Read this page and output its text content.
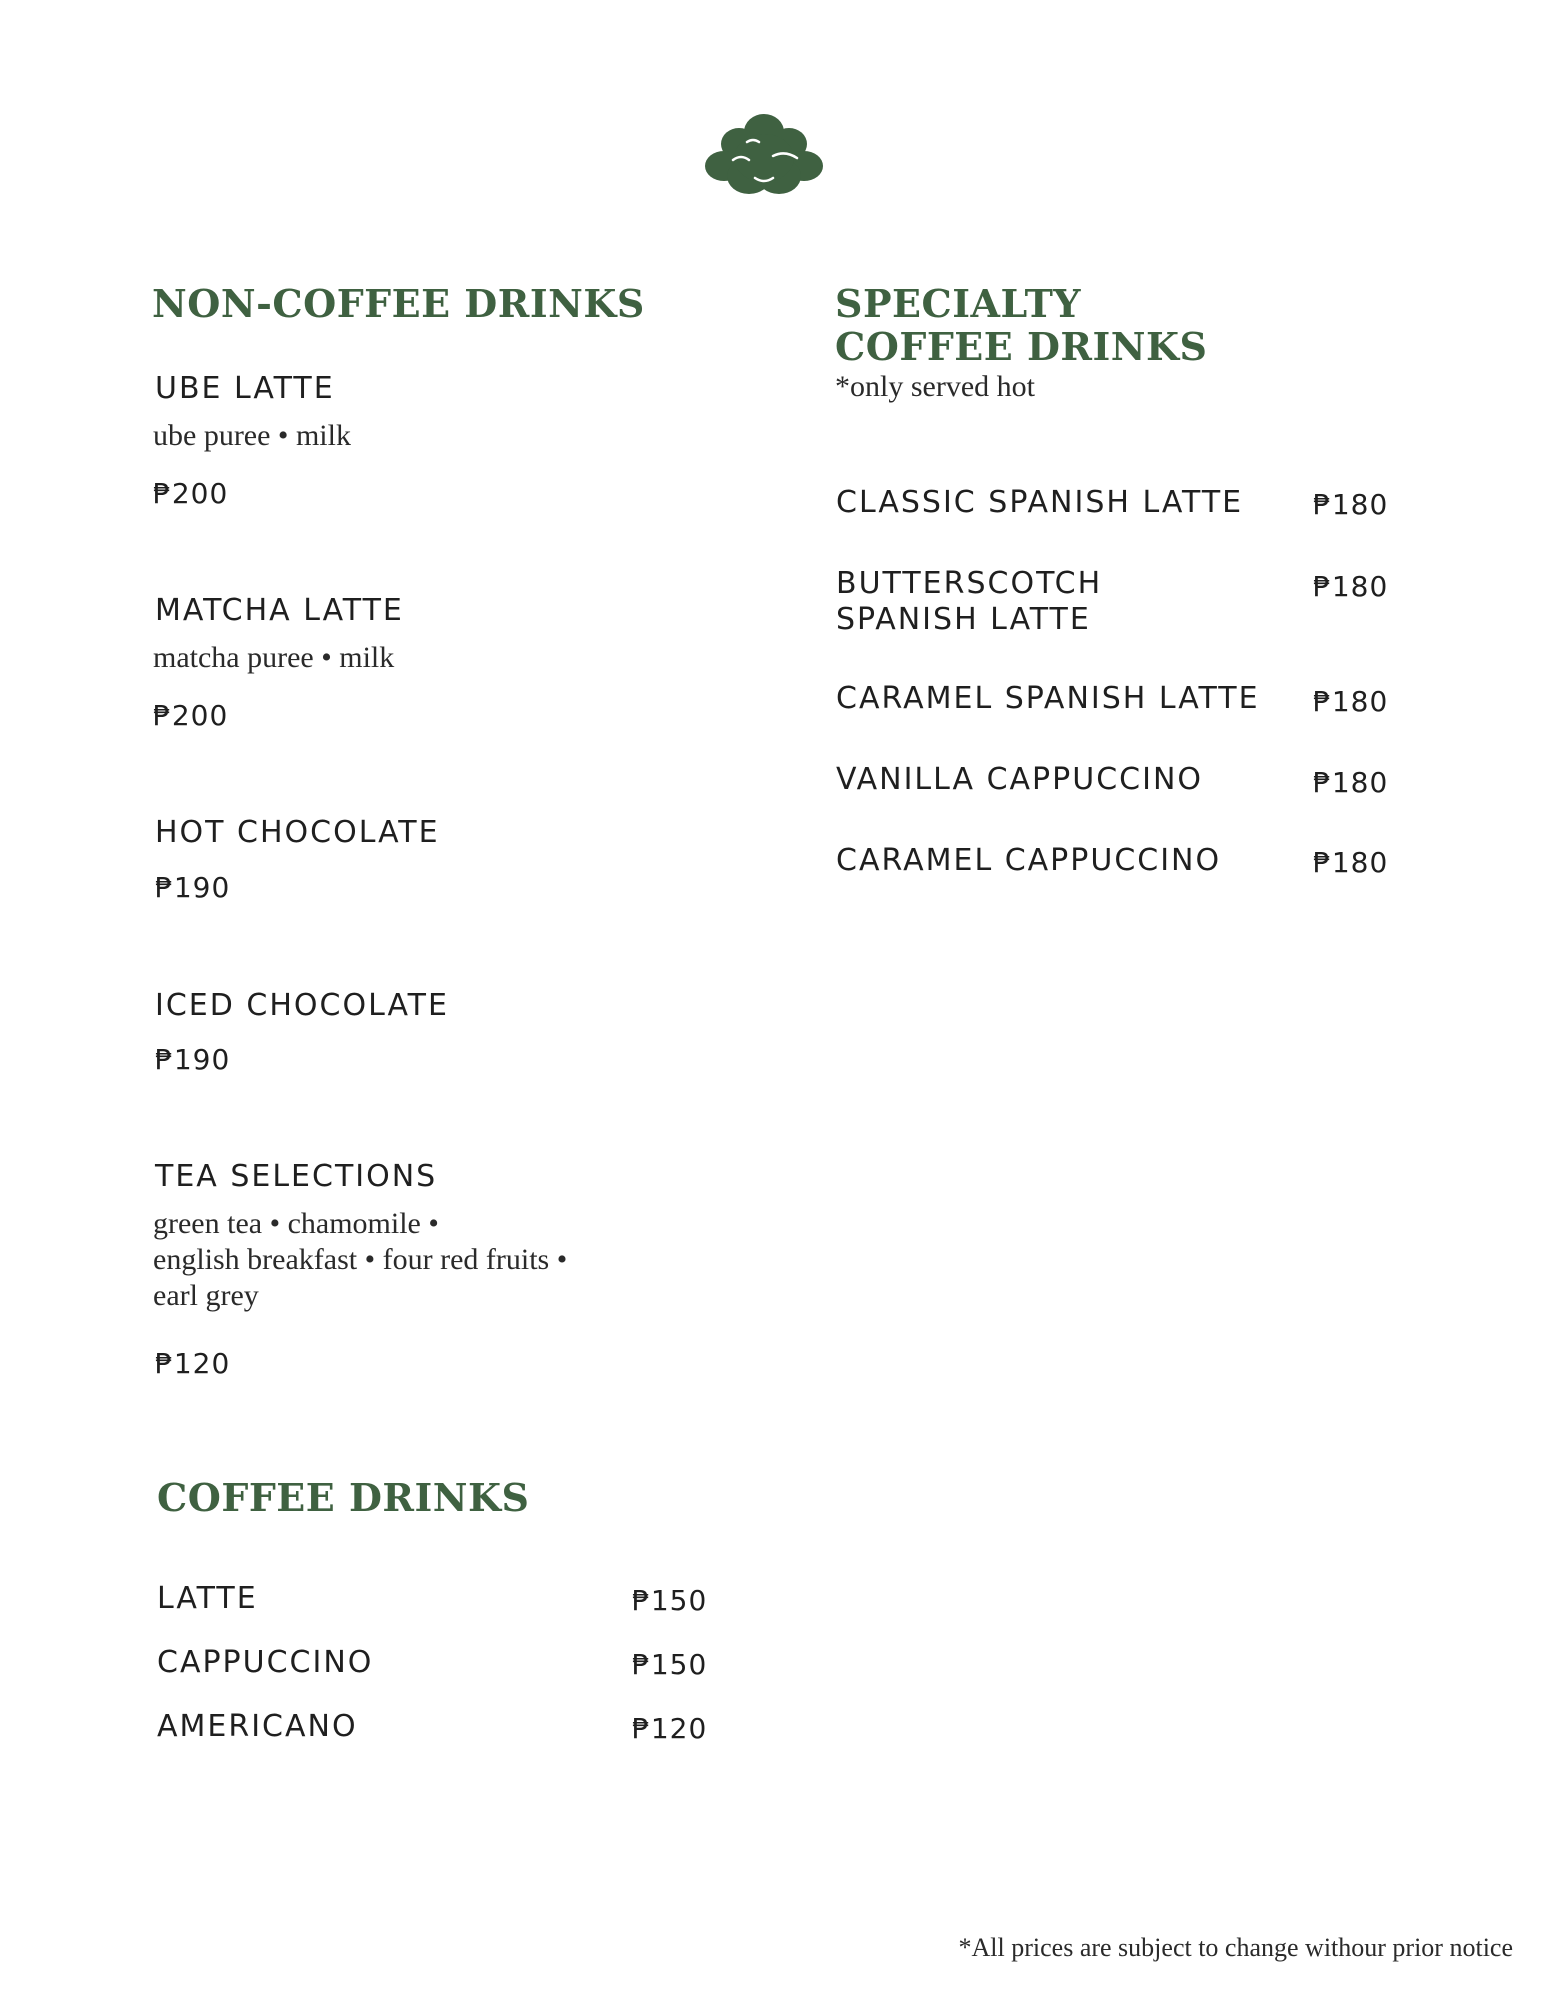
NON-COFFEE DRINKS
UBE LATTE
ube puree • milk
₱200
MATCHA LATTE
matcha puree • milk
₱200
HOT CHOCOLATE
₱190
ICED CHOCOLATE
₱190
TEA SELECTIONS
green tea • chamomile •
english breakfast • four red fruits •
earl grey
₱120
COFFEE DRINKS
LATTE	₱150
CAPPUCCINO	₱150
AMERICANO	₱120
SPECIALTY
COFFEE DRINKS
*only served hot
CLASSIC SPANISH LATTE ₱180
BUTTERSCOTCH
SPANISH LATTE
₱180
CARAMEL SPANISH LATTE ₱180
VANILLA CAPPUCCINO	₱180
CARAMEL CAPPUCCINO	₱180
*All prices are subject to change withour prior notice
